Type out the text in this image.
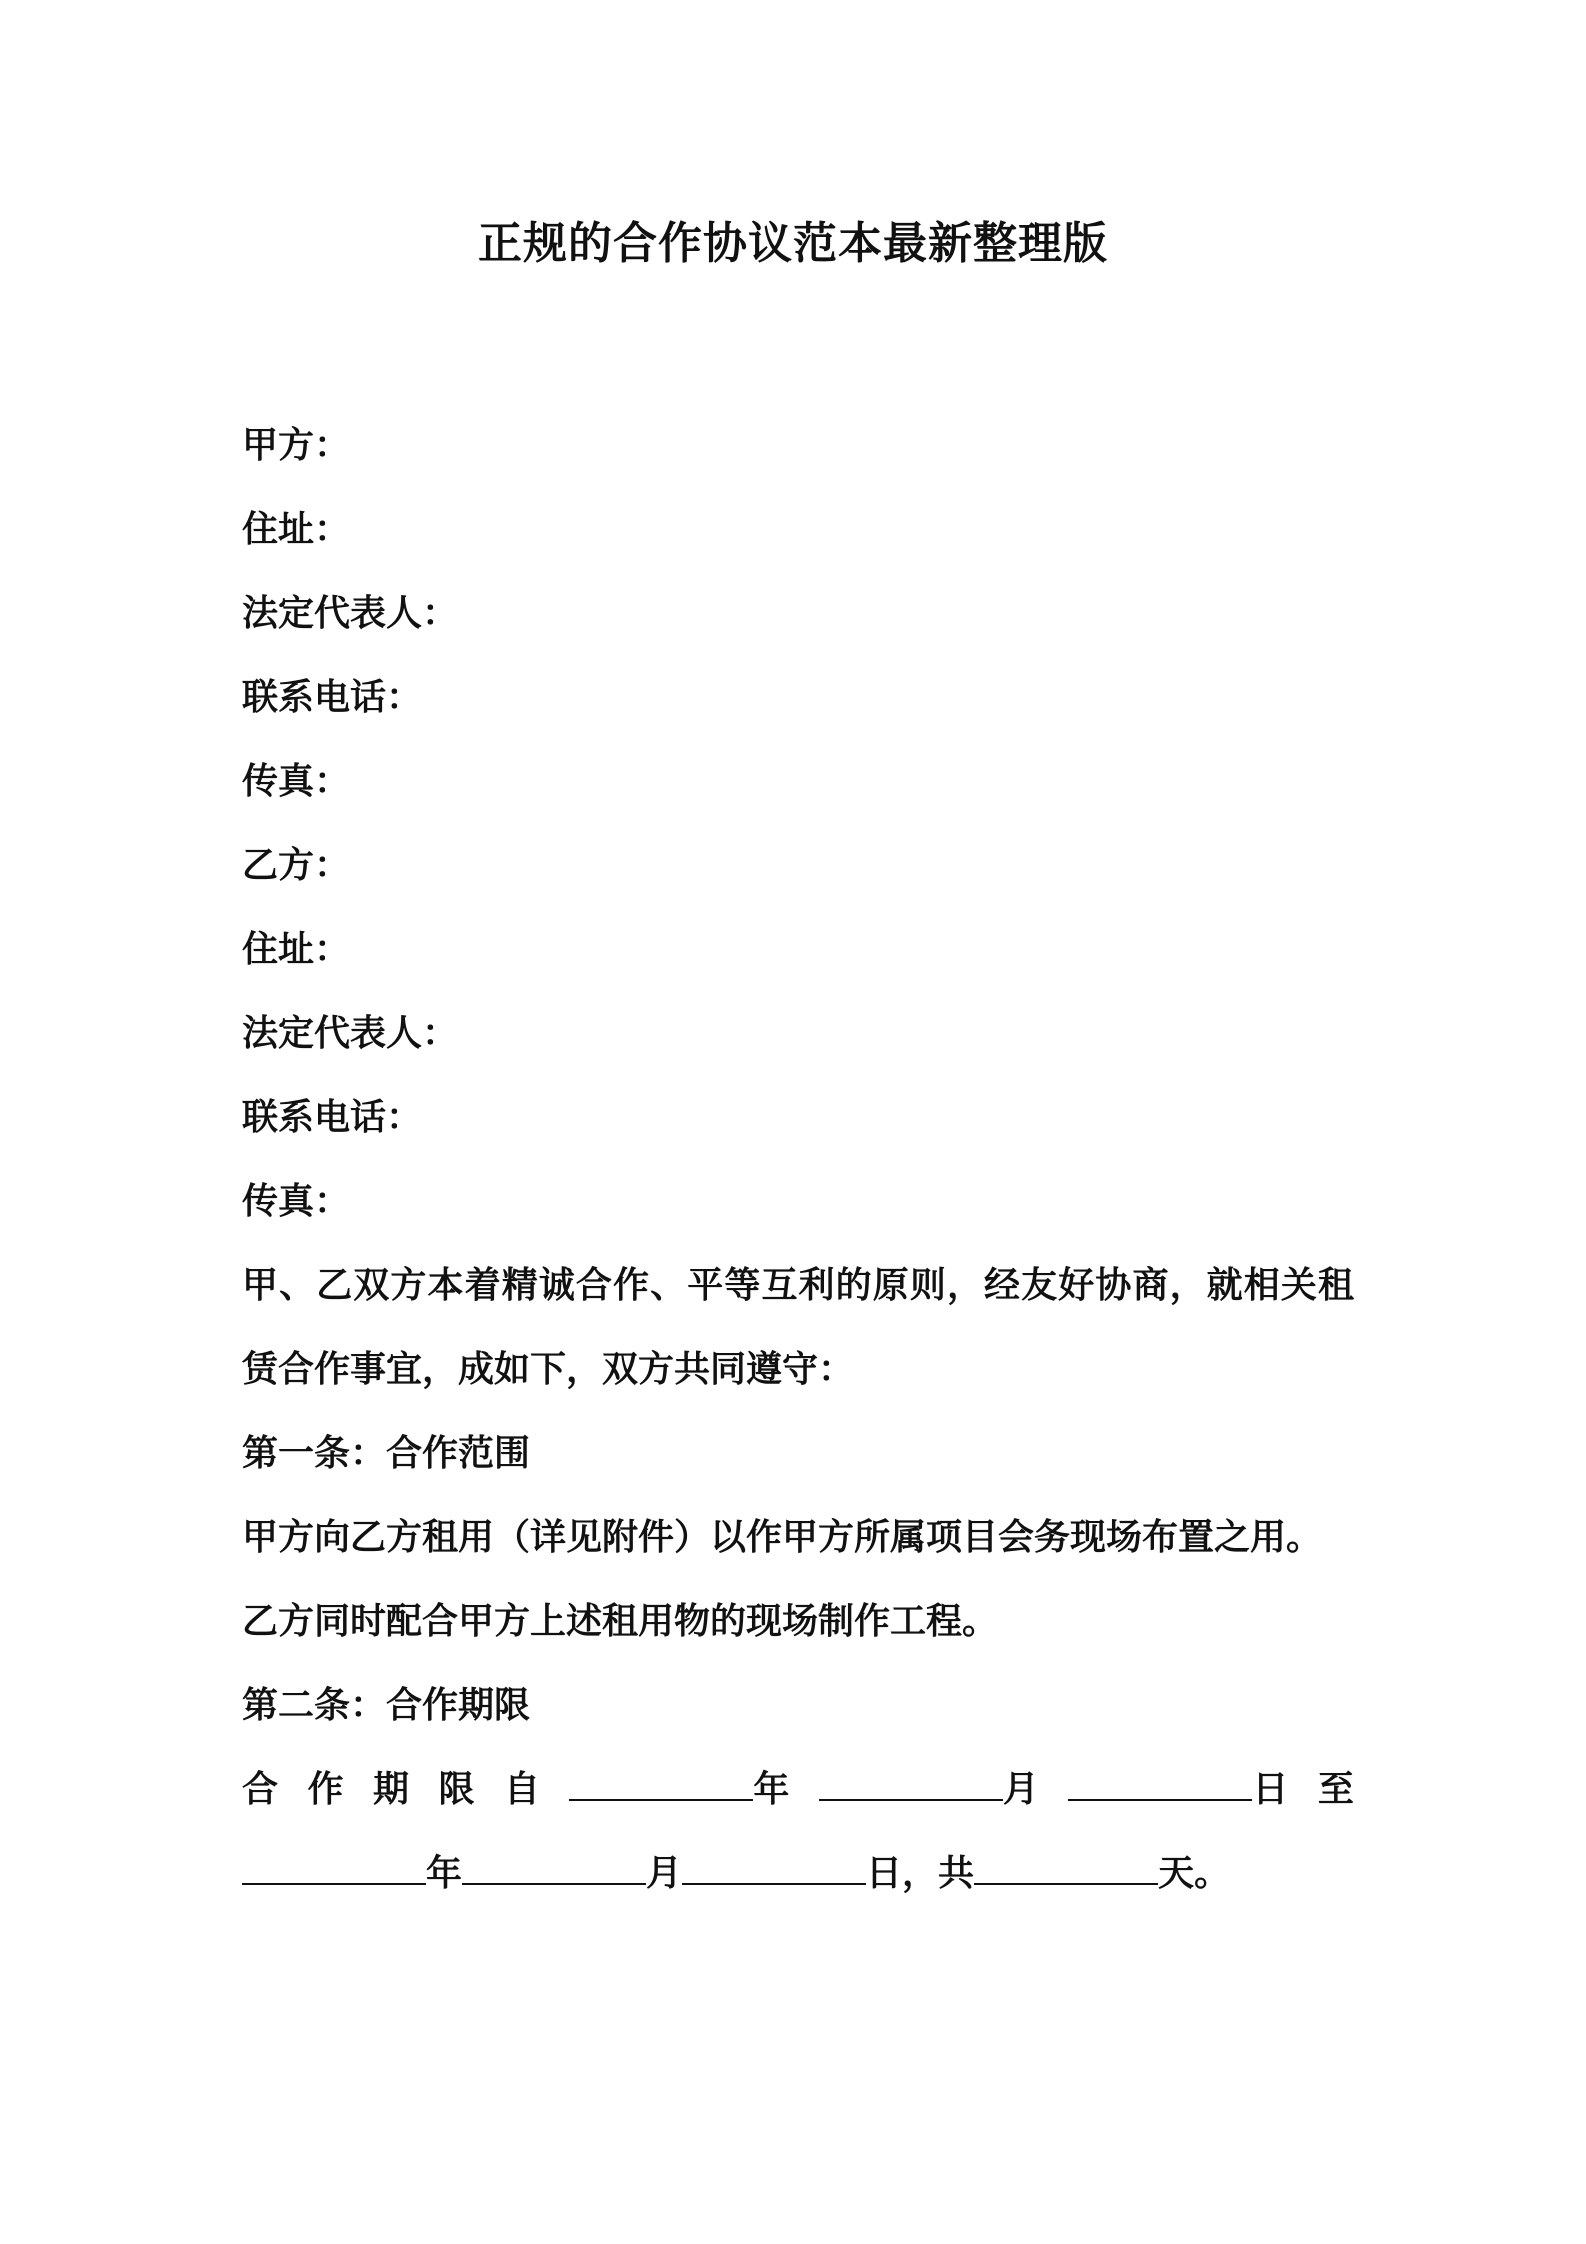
正规的合作协议范本最新整理版
甲方：
住址：
法定代表人：
联系电话：
传真：
乙方：
住址：
法定代表人：
联系电话：
传真：
甲、乙双方本着精诚合作、平等互利的原则，经友好协商，就相关租赁合作事宜，成如下，双方共同遵守：
第一条：合作范围
甲方向乙方租用（详见附件）以作甲方所属项目会务现场布置之用。
乙方同时配合甲方上述租用物的现场制作工程。
第二条：合作期限
合 作 期 限 自	年	月	日 至
年	月	日，共	天。
